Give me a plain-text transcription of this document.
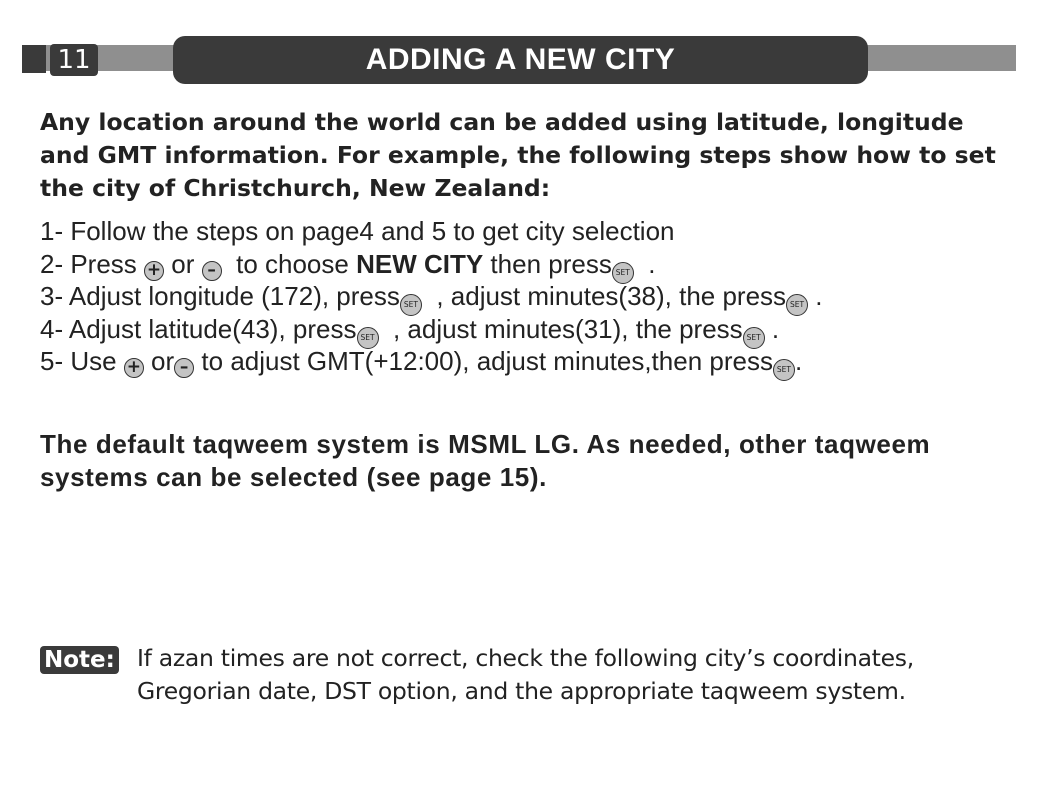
11	ADDING A NEW CITY
Any location around the world can be added using latitude, longitude and GMT information. For example, the following steps show how to set the city of Christchurch, New Zealand:
1- Follow the steps on page4 and 5 to get city selection
2- Press + or – to choose NEW CITY then press SET .
3- Adjust longitude (172), press SET , adjust minutes(38), the press SET .
4- Adjust latitude(43), press SET , adjust minutes(31), the press SET .
5- Use + or – to adjust GMT(+12:00), adjust minutes,then press SET .
The default taqweem system is MSML LG. As needed, other taqweem systems can be selected (see page 15).
Note: If azan times are not correct, check the following city’s coordinates, Gregorian date, DST option, and the appropriate taqweem system.
